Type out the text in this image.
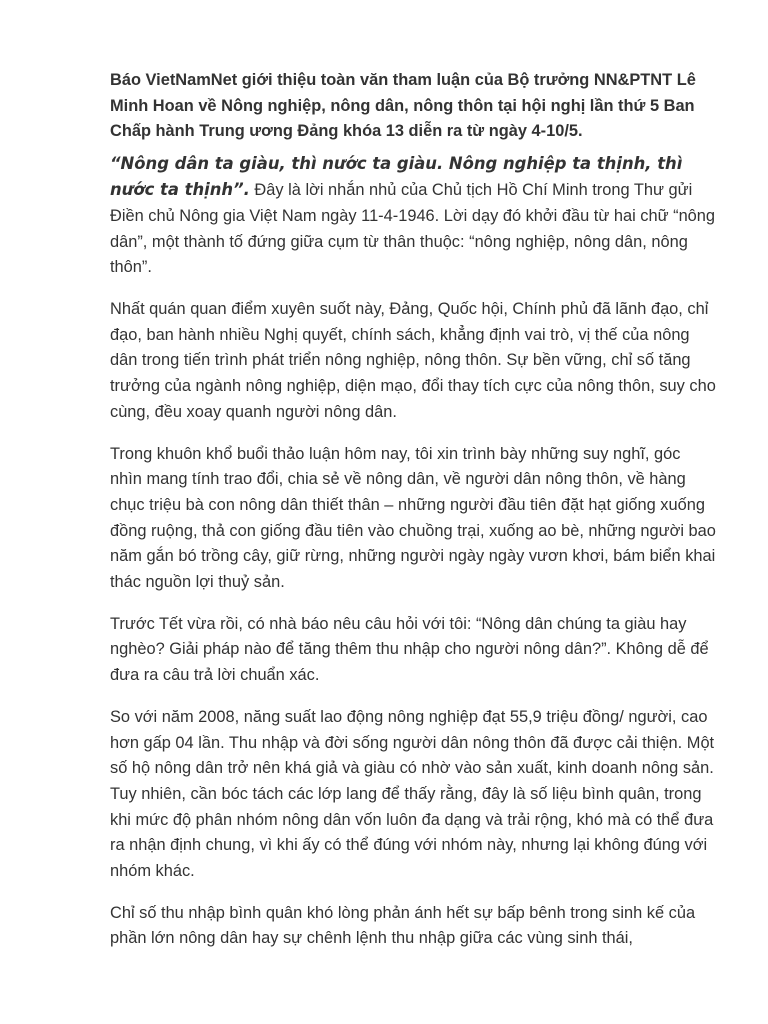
Báo VietNamNet giới thiệu toàn văn tham luận của Bộ trưởng NN&PTNT Lê Minh Hoan về Nông nghiệp, nông dân, nông thôn tại hội nghị lần thứ 5 Ban Chấp hành Trung ương Đảng khóa 13 diễn ra từ ngày 4-10/5.

“Nông dân ta giàu, thì nước ta giàu. Nông nghiệp ta thịnh, thì nước ta thịnh”. Đây là lời nhắn nhủ của Chủ tịch Hồ Chí Minh trong Thư gửi Điền chủ Nông gia Việt Nam ngày 11-4-1946. Lời dạy đó khởi đầu từ hai chữ “nông dân”, một thành tố đứng giữa cụm từ thân thuộc: “nông nghiệp, nông dân, nông thôn”.

Nhất quán quan điểm xuyên suốt này, Đảng, Quốc hội, Chính phủ đã lãnh đạo, chỉ đạo, ban hành nhiều Nghị quyết, chính sách, khẳng định vai trò, vị thế của nông dân trong tiến trình phát triển nông nghiệp, nông thôn. Sự bền vững, chỉ số tăng trưởng của ngành nông nghiệp, diện mạo, đổi thay tích cực của nông thôn, suy cho cùng, đều xoay quanh người nông dân.

Trong khuôn khổ buổi thảo luận hôm nay, tôi xin trình bày những suy nghĩ, góc nhìn mang tính trao đổi, chia sẻ về nông dân, về người dân nông thôn, về hàng chục triệu bà con nông dân thiết thân – những người đầu tiên đặt hạt giống xuống đồng ruộng, thả con giống đầu tiên vào chuồng trại, xuống ao bè, những người bao năm gắn bó trồng cây, giữ rừng, những người ngày ngày vươn khơi, bám biển khai thác nguồn lợi thuỷ sản.

Trước Tết vừa rồi, có nhà báo nêu câu hỏi với tôi: “Nông dân chúng ta giàu hay nghèo? Giải pháp nào để tăng thêm thu nhập cho người nông dân?”. Không dễ để đưa ra câu trả lời chuẩn xác.

So với năm 2008, năng suất lao động nông nghiệp đạt 55,9 triệu đồng/ người, cao hơn gấp 04 lần. Thu nhập và đời sống người dân nông thôn đã được cải thiện. Một số hộ nông dân trở nên khá giả và giàu có nhờ vào sản xuất, kinh doanh nông sản. Tuy nhiên, cần bóc tách các lớp lang để thấy rằng, đây là số liệu bình quân, trong khi mức độ phân nhóm nông dân vốn luôn đa dạng và trải rộng, khó mà có thể đưa ra nhận định chung, vì khi ấy có thể đúng với nhóm này, nhưng lại không đúng với nhóm khác.

Chỉ số thu nhập bình quân khó lòng phản ánh hết sự bấp bênh trong sinh kế của phần lớn nông dân hay sự chênh lệnh thu nhập giữa các vùng sinh thái,
